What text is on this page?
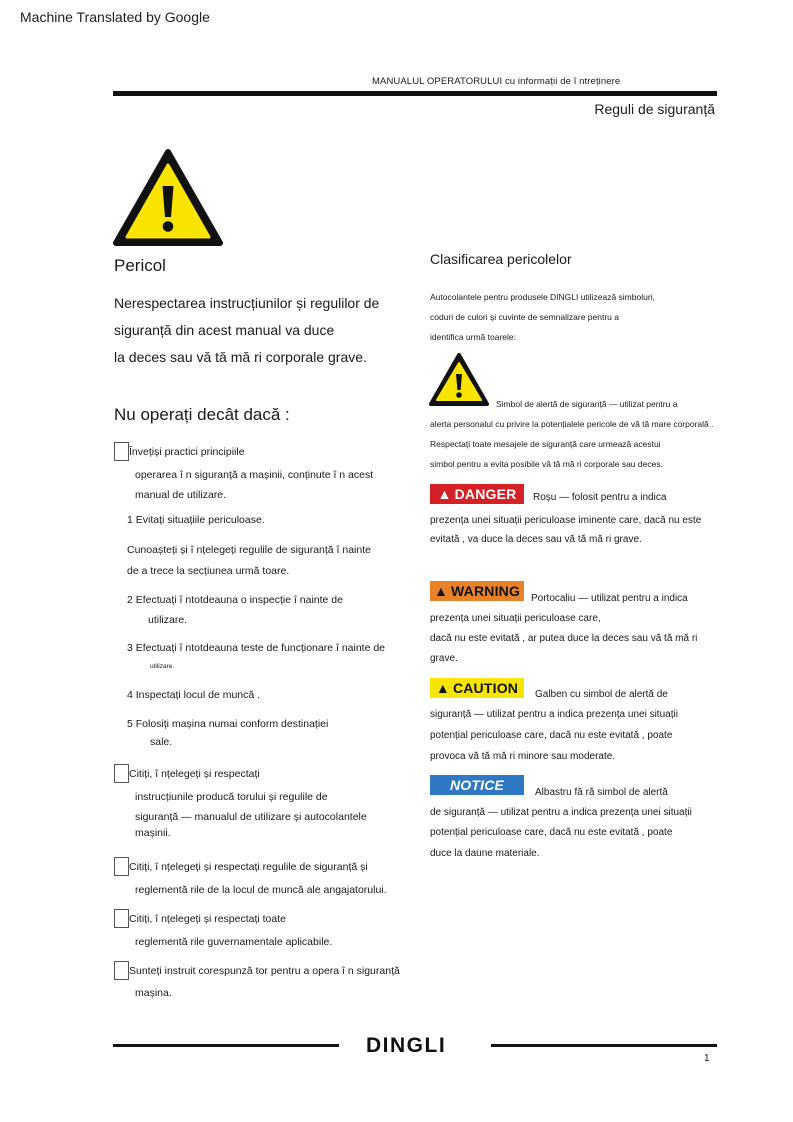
Machine Translated by Google
MANUALUL OPERATORULUI cu informații de î ntreținere
Reguli de siguranță
Pericol
Nerespectarea instrucțiunilor și regulilor de
siguranță din acest manual va duce
la deces sau vă tă mă ri corporale grave.
Nu operați decât dacă :
Învețiși practici principiile
operarea î n siguranță a mașinii, conținute î n acest
manual de utilizare.
1 Evitați situațiile periculoase.
Cunoașteți și î nțelegeți regulile de siguranță î nainte
de a trece la secțiunea urmă toare.
2 Efectuați î ntotdeauna o inspecție î nainte de
utilizare.
3 Efectuați î ntotdeauna teste de funcționare î nainte de
utilizare.
4 Inspectați locul de muncă .
5 Folosiți mașina numai conform destinației
sale.
Citiți, î nțelegeți și respectați
instrucțiunile producă torului și regulile de
siguranță — manualul de utilizare și autocolantele
mașinii.
Citiți, î nțelegeți și respectați regulile de siguranță și
reglementă rile de la locul de muncă ale angajatorului.
Citiți, î nțelegeți și respectați toate
reglementă rile guvernamentale aplicabile.
Sunteți instruit corespunză tor pentru a opera î n siguranță
mașina.
Clasificarea pericolelor
Autocolantele pentru produsele DINGLI utilizează simboluri,
coduri de culori și cuvinte de semnalizare pentru a
identifica urmă toarele:
Simbol de alertă de siguranță — utilizat pentru a
alerta personalul cu privire la potențialele pericole de vă tă mare corporală .
Respectați toate mesajele de siguranță care urmează acestui
simbol pentru a evita posibile vă tă mă ri corporale sau deces.
▲ DANGER Roșu — folosit pentru a indica
prezența unei situații periculoase iminente care, dacă nu este
evitată , va duce la deces sau vă tă mă ri grave.
▲ WARNING Portocaliu — utilizat pentru a indica
prezența unei situații periculoase care,
dacă nu este evitată , ar putea duce la deces sau vă tă mă ri
grave.
▲ CAUTION Galben cu simbol de alertă de
siguranță — utilizat pentru a indica prezența unei situații
potențial periculoase care, dacă nu este evitată , poate
provoca vă tă mă ri minore sau moderate.
NOTICE	Albastru fă ră simbol de alertă
de siguranță — utilizat pentru a indica prezența unei situații
potențial periculoase care, dacă nu este evitată , poate
duce la daune materiale.
DINGLI
1
